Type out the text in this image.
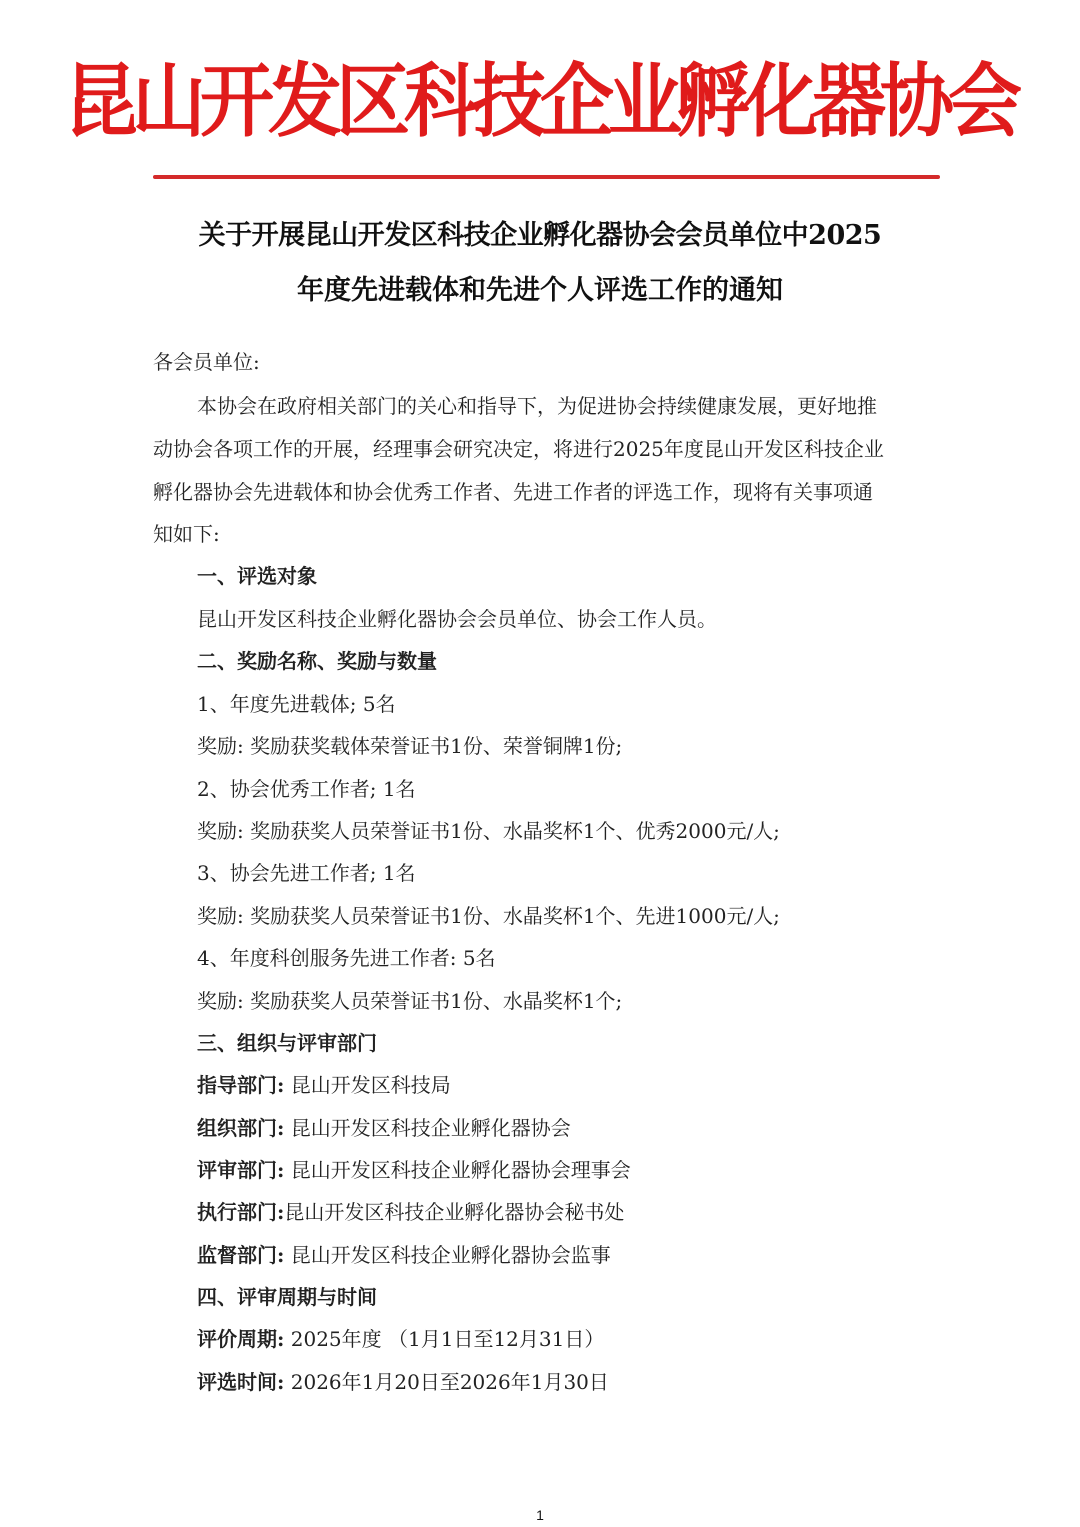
昆山开发区科技企业孵化器协会
关于开展昆山开发区科技企业孵化器协会会员单位中2025
年度先进载体和先进个人评选工作的通知
各会员单位:
本协会在政府相关部门的关心和指导下，为促进协会持续健康发展，更好地推
动协会各项工作的开展，经理事会研究决定，将进行2025年度昆山开发区科技企业
孵化器协会先进载体和协会优秀工作者、先进工作者的评选工作，现将有关事项通
知如下:
一、评选对象
昆山开发区科技企业孵化器协会会员单位、协会工作人员。
二、奖励名称、奖励与数量
1、年度先进载体; 5名
奖励: 奖励获奖载体荣誉证书1份、荣誉铜牌1份;
2、协会优秀工作者; 1名
奖励: 奖励获奖人员荣誉证书1份、水晶奖杯1个、优秀2000元/人;
3、协会先进工作者; 1名
奖励: 奖励获奖人员荣誉证书1份、水晶奖杯1个、先进1000元/人;
4、年度科创服务先进工作者: 5名
奖励: 奖励获奖人员荣誉证书1份、水晶奖杯1个;
三、组织与评审部门
指导部门: 昆山开发区科技局
组织部门: 昆山开发区科技企业孵化器协会
评审部门: 昆山开发区科技企业孵化器协会理事会
执行部门:昆山开发区科技企业孵化器协会秘书处
监督部门: 昆山开发区科技企业孵化器协会监事
四、评审周期与时间
评价周期: 2025年度 （1月1日至12月31日）
评选时间: 2026年1月20日至2026年1月30日
1
